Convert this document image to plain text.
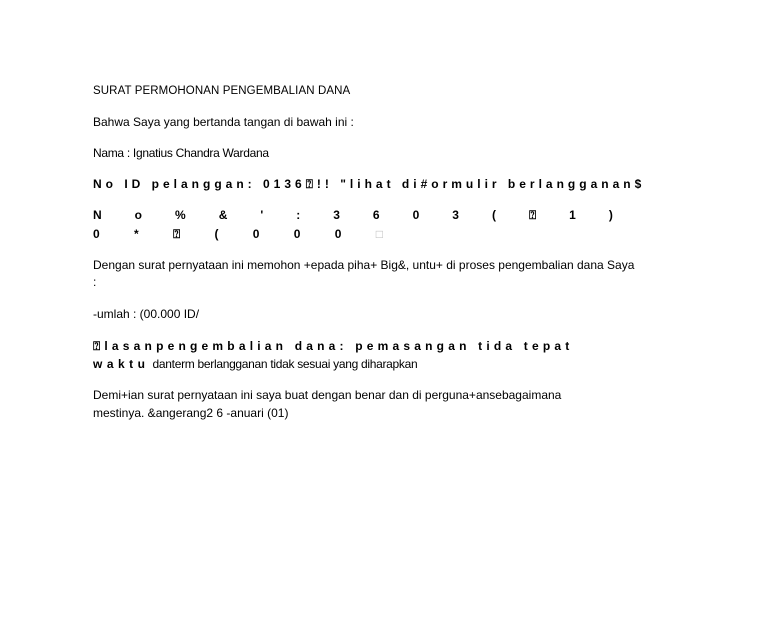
SURAT PERMOHONAN PENGEMBALIAN DANA
Bahwa Saya yang bertanda tangan di bawah ini :
Nama : Ignatius Chandra Wardana
No ID pelanggan: 0136⍰!! "lihat di#ormulir berlangganan$
N	o	%	&	'	:	3	6	0	3	(	⍰	1	)
0	*	⍰	(	0	0	0	□
Dengan surat pernyataan ini memohon +epada piha+ Big&, untu+ di proses pengembalian dana Saya
:
-umlah : (00.000 ID/
⍰lasanpengembalian dana: pemasangan tida tepat
waktu danterm berlangganan tidak sesuai yang diharapkan
Demi+ian surat pernyataan ini saya buat dengan benar dan di perguna+ansebagaimana
mestinya. &angerang2 6 -anuari (01)
